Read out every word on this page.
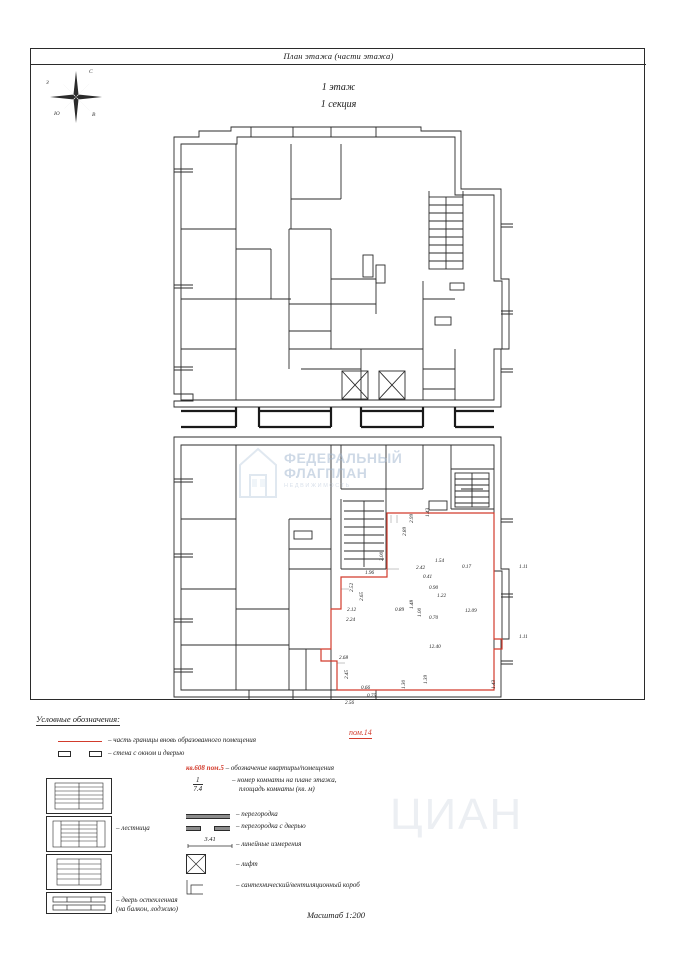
План этажа (части этажа)
1 этаж
1 секция
С
З
Ю	В
1.43
2.99
2.89
2.00
2.42
0.41
1.54
0.17
1.96
0.90
1.22
2.52
2.65
0.89
1.48
1.00
0.70
2.12
2.24
12.09
1.11
1.11
12.40
2.68
2.45
0.66
0.75
2.56
1.39
1.43
1.30
пом.14
ФЕДЕРАЛЬНЫЙ
ФЛАГПЛАН
НЕДВИЖИМОСТЬ
ЦИАН
Условные обозначения:
– часть границы вновь образованного помещения
– стена с окном и дверью
кв.608 пом.5 – обозначение квартиры/помещения
$\frac{1}{7.4}$	– номер комнаты на плане этажа,
площадь комнаты (кв. м)
– лестница
– перегородка
– перегородка с дверью
3.41
– линейные измерения
– лифт
– сантехнический/вентиляционный короб
– дверь остекленная
(на балкон, лоджию)
Масштаб 1:200
